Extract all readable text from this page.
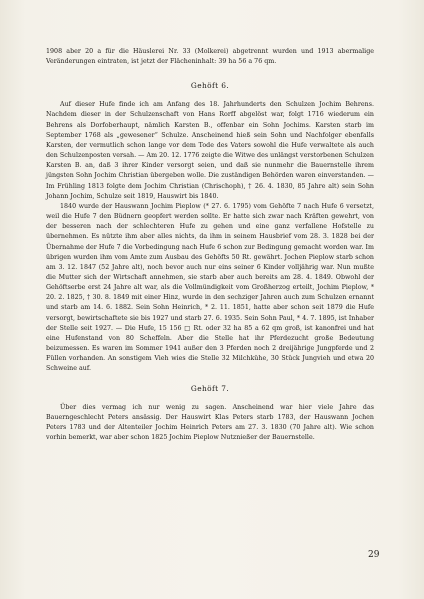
1908 aber 20 a für die Häuslerei Nr. 33 (Molkerei) abgetrennt wurden und 1913 abermalige Veränderungen eintraten, ist jetzt der Flächeninhalt: 39 ha 56 a 76 qm.

Gehöft 6.

Auf dieser Hufe finde ich am Anfang des 18. Jahrhunderts den Schulzen Jochim Behrens. Nachdem dieser in der Schulzenschaft von Hans Rorff abgelöst war, folgt 1716 wiederum ein Behrens als Dorfoberhaupt, nämlich Karsten B., offenbar ein Sohn Jochims. Karsten starb im September 1768 als „gewesener“ Schulze. Anscheinend hieß sein Sohn und Nachfolger ebenfalls Karsten, der vermutlich schon lange vor dem Tode des Vaters sowohl die Hufe verwaltete als auch den Schulzenposten versah. — Am 20. 12. 1776 zeigte die Witwe des unlängst verstorbenen Schulzen Karsten B. an, daß 3 ihrer Kinder versorgt seien, und daß sie nunmehr die Bauernstelle ihrem jüngsten Sohn Jochim Christian übergeben wolle. Die zuständigen Behörden waren einverstanden. — Im Frühling 1813 folgte dem Jochim Christian (Chrischoph), † 26. 4. 1830, 85 Jahre alt) sein Sohn Johann Jochim, Schulze seit 1819, Hauswirt bis 1840.

1840 wurde der Hauswann Jochim Pieplow (* 27. 6. 1795) vom Gehöfte 7 nach Hufe 6 versetzt, weil die Hufe 7 den Büdnern geopfert werden sollte. Er hatte sich zwar nach Kräften gewehrt, von der besseren nach der schlechteren Hufe zu gehen und eine ganz verfallene Hofstelle zu übernehmen. Es nützte ihm aber alles nichts, da ihm in seinem Hausbrief vom 28. 3. 1828 bei der Übernahme der Hufe 7 die Vorbedingung nach Hufe 6 schon zur Bedingung gemacht worden war. Im übrigen wurden ihm vom Amte zum Ausbau des Gehöfts 50 Rt. gewährt. Jochen Pieplow starb schon am 3. 12. 1847 (52 Jahre alt), noch bevor auch nur eins seiner 6 Kinder volljährig war. Nun mußte die Mutter sich der Wirtschaft annehmen, sie starb aber auch bereits am 28. 4. 1849. Obwohl der Gehöftserbe erst 24 Jahre alt war, als die Vollmündigkeit vom Großherzog erteilt, Jochim Pieplow, * 20. 2. 1825, † 30. 8. 1849 mit einer Hinz, wurde in den sechziger Jahren auch zum Schulzen ernannt und starb am 14. 6. 1882. Sein Sohn Heinrich, * 2. 11. 1851, hatte aber schon seit 1879 die Hufe versorgt, bewirtschaftete sie bis 1927 und starb 27. 6. 1935. Sein Sohn Paul, * 4. 7. 1895, ist Inhaber der Stelle seit 1927. — Die Hufe, 15 156 □ Rt. oder 32 ha 85 a 62 qm groß, ist kanonfrei und hat eine Hufenstand von 80 Scheffeln. Aber die Stelle hat ihr Pferdezucht große Bedeutung beizumessen. Es waren im Sommer 1941 außer den 3 Pferden noch 2 dreijährige Jungpferde und 2 Füllen vorhanden. An sonstigem Vieh wies die Stelle 32 Milchkühe, 30 Stück Jungvieh und etwa 20 Schweine auf.

Gehöft 7.

Über dies vermag ich nur wenig zu sagen. Anscheinend war hier viele Jahre das Bauerngeschlecht Peters ansässig. Der Hauswirt Klas Peters starb 1783, der Hauswann Jochen Peters 1783 und der Altenteiler Jochim Heinrich Peters am 27. 3. 1830 (70 Jahre alt). Wie schon vorhin bemerkt, war aber schon 1825 Jochim Pieplow Nutznießer der Bauernstelle.

29
